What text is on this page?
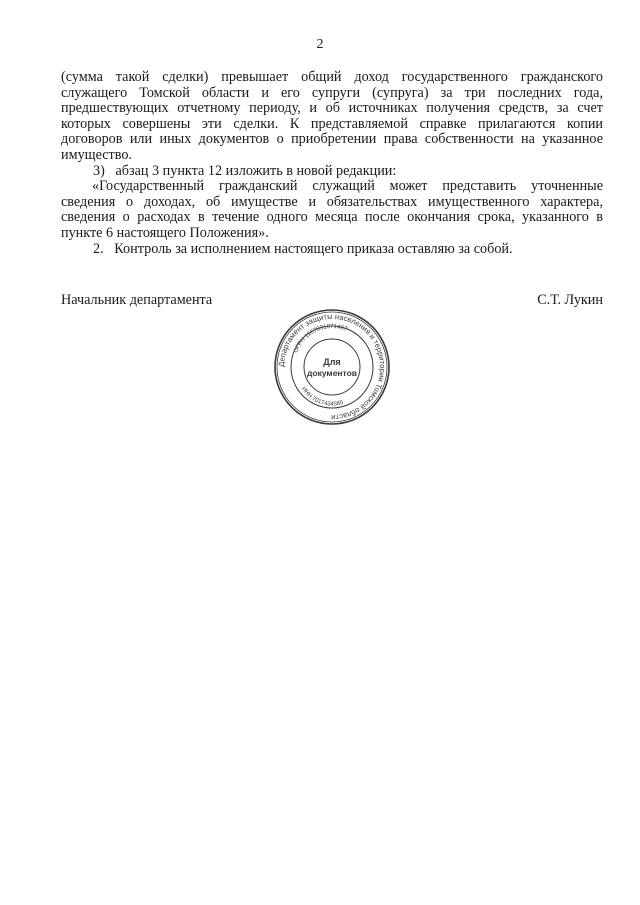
2

(сумма такой сделки) превышает общий доход государственного гражданского служащего Томской области и его супруги (супруга) за три последних года, предшествующих отчетному периоду, и об источниках получения средств, за счет которых совершены эти сделки. К представляемой справке прилагаются копии договоров или иных документов о приобретении права собственности на указанное имущество.

3)   абзац 3 пункта 12 изложить в новой редакции:

«Государственный гражданский служащий может представить уточненные сведения о доходах, об имуществе и обязательствах имущественного характера, сведения о расходах в течение одного месяца после окончания срока, указанного в пункте 6 настоящего Положения».

2.   Контроль за исполнением настоящего приказа оставляю за собой.

Начальник департамента	С.Т. Лукин
Департамент защиты населения и территории Томской области
ОГРН 1167031071467
ИНН 7017434565
Для
документов
